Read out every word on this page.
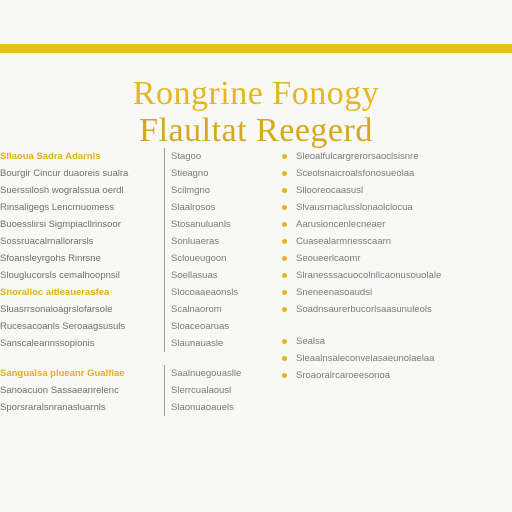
Rongrine Fonogy
Flaultat Reegerd
Sllaoua Sadra Adarnls
Bourgir Cincur duaoreis sualra
Suerssilosh wogralssua oerdl
Rinsaligegs Lencrnuomess
Buoesslirsi Sigmpiacllrinsoor
Sossruacalrnallorarsls
Sfoansleyrgohs Rinrsne
Slouglucorsls cemalhoopnsil
Snoralloc aitleauerasfea
Sluasrrsonaloagrslofarsole
Rucesacoanls Seroaagsusuls
Sanscaleannssopionis
Sangualsa plueanr Gualfiae
Sanoacuon Sassaeanrelenc
Sporsraralsnranasluarnls
Stagoo
Stieagno
Scilmgno
Slaalrosos
Stosanuluanls
Sonluaeras
Scloueugoon
Soellasuas
Slocoaaeaonsls
Scalnaorom
Sloaceoaruas
Slaunauasle
Saalnuegouaslle
Slerrcualaousl
Slaonuaoauels
Sleoalfulcargrerorsaoclsisnre
Sceolsnaicroalsfonosueolaa
Sllooreocaasusl
Slvausrnaclusslonaolclocua
Aarusioncenlecneaer
Cuasealarmnesscaarn
Seoueerlcaomr
Slranesssacuocolnllcaonusouolale
Sneneenasoaudsl
Soadnsaurerbucorlsaasunuleols
Sealsa
Sleaalnsaleconvelasaeunolaelaa
Sroaoralrcaroeesonoa
